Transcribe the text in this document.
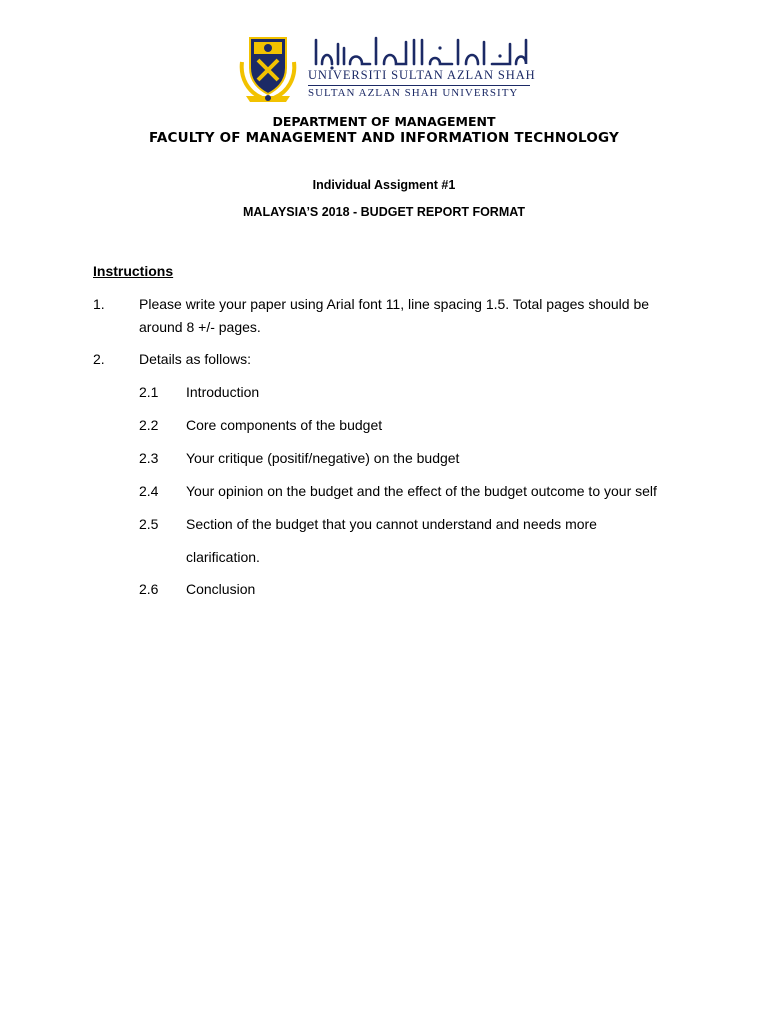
UNIVERSITI SULTAN AZLAN SHAH
SULTAN AZLAN SHAH UNIVERSITY
DEPARTMENT OF MANAGEMENT
FACULTY OF MANAGEMENT AND INFORMATION TECHNOLOGY
Individual Assigment #1
MALAYSIA’S 2018 - BUDGET REPORT FORMAT
Instructions
1. Please write your paper using Arial font 11, line spacing 1.5. Total pages should be
around 8 +/- pages.
2. Details as follows:
2.1 Introduction
2.2 Core components of the budget
2.3 Your critique (positif/negative) on the budget
2.4 Your opinion on the budget and the effect of the budget outcome to your self
2.5 Section of the budget that you cannot understand and needs more
clarification.
2.6 Conclusion
